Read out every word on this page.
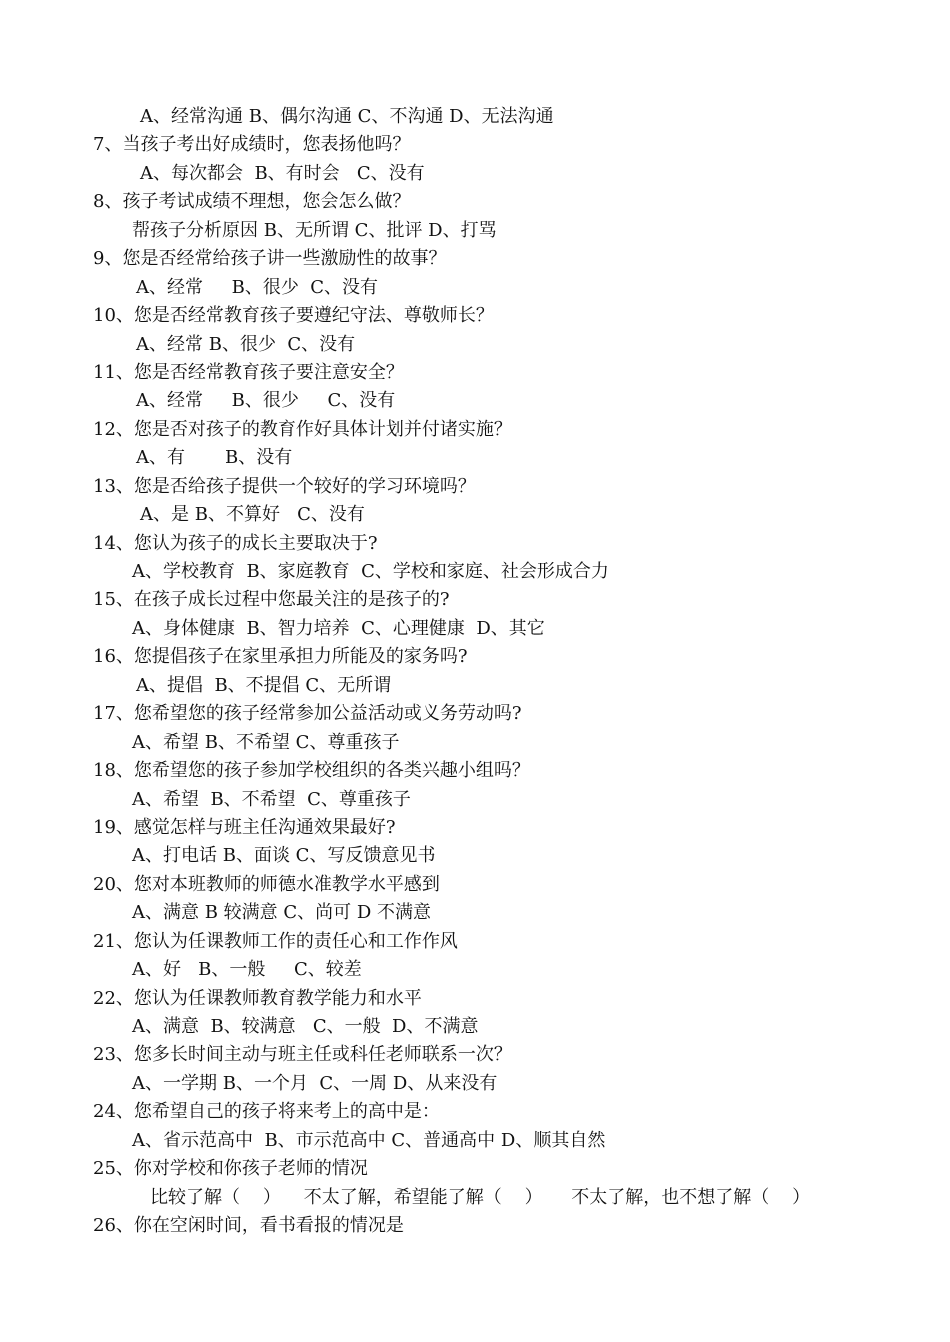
A、经常沟通 B、偶尔沟通 C、不沟通 D、无法沟通
7、当孩子考出好成绩时，您表扬他吗？
A、每次都会  B、有时会   C、没有
8、孩子考试成绩不理想，您会怎么做？
帮孩子分析原因 B、无所谓 C、批评 D、打骂
9、您是否经常给孩子讲一些激励性的故事？
A、经常     B、很少  C、没有
10、您是否经常教育孩子要遵纪守法、尊敬师长？
A、经常 B、很少  C、没有
11、您是否经常教育孩子要注意安全？
A、经常     B、很少     C、没有
12、您是否对孩子的教育作好具体计划并付诸实施？
A、有       B、没有
13、您是否给孩子提供一个较好的学习环境吗？
A、是 B、不算好   C、没有
14、您认为孩子的成长主要取决于?
A、学校教育  B、家庭教育  C、学校和家庭、社会形成合力
15、在孩子成长过程中您最关注的是孩子的?
A、身体健康  B、智力培养  C、心理健康  D、其它
16、您提倡孩子在家里承担力所能及的家务吗?
A、提倡  B、不提倡 C、无所谓
17、您希望您的孩子经常参加公益活动或义务劳动吗?
A、希望 B、不希望 C、尊重孩子
18、您希望您的孩子参加学校组织的各类兴趣小组吗？
A、希望  B、不希望  C、尊重孩子
19、感觉怎样与班主任沟通效果最好?
A、打电话 B、面谈 C、写反馈意见书
20、您对本班教师的师德水准教学水平感到
A、满意 B 较满意 C、尚可 D 不满意
21、您认为任课教师工作的责任心和工作作风
A、好   B、一般     C、较差
22、您认为任课教师教育教学能力和水平
A、满意  B、较满意   C、一般  D、不满意
23、您多长时间主动与班主任或科任老师联系一次？
A、一学期 B、一个月  C、一周 D、从来没有
24、您希望自己的孩子将来考上的高中是：
A、省示范高中  B、市示范高中 C、普通高中 D、顺其自然
25、你对学校和你孩子老师的情况
比较了解（    ）    不太了解，希望能了解（    ）     不太了解，也不想了解（    ）
26、你在空闲时间，看书看报的情况是
